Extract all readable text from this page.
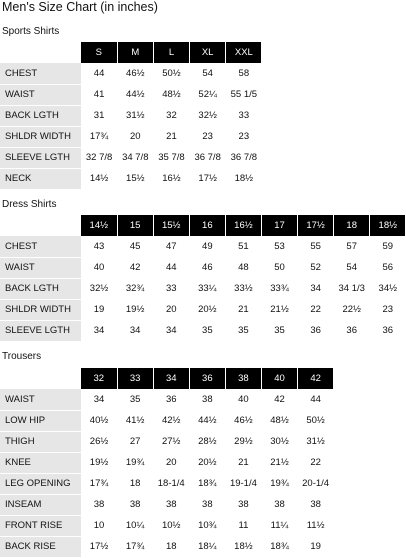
Men's Size Chart (in inches)
Sports Shirts
	S	M	L	XL	XXL
CHEST	44	46½	50½	54	58
WAIST	41	44½	48½	52¼	55 1/5
BACK LGTH	31	31½	32	32½	33
SHLDR WIDTH	17¾	20	21	23	23
SLEEVE LGTH	32 7/8	34 7/8	35 7/8	36 7/8	36 7/8
NECK	14½	15½	16½	17½	18½
Dress Shirts
	14½	15	15½	16	16½	17	17½	18	18½
CHEST	43	45	47	49	51	53	55	57	59
WAIST	40	42	44	46	48	50	52	54	56
BACK LGTH	32½	32¾	33	33¼	33½	33¾	34	34 1/3	34½
SHLDR WIDTH	19	19½	20	20½	21	21½	22	22½	23
SLEEVE LGTH	34	34	34	35	35	35	36	36	36
Trousers
	32	33	34	36	38	40	42
WAIST	34	35	36	38	40	42	44
LOW HIP	40½	41½	42½	44½	46½	48½	50½
THIGH	26½	27	27½	28½	29½	30½	31½
KNEE	19½	19¾	20	20½	21	21½	22
LEG OPENING	17¾	18	18-1/4	18¾	19-1/4	19¾	20-1/4
INSEAM	38	38	38	38	38	38	38
FRONT RISE	10	10¼	10½	10¾	11	11¼	11½
BACK RISE	17½	17¾	18	18¼	18½	18¾	19
